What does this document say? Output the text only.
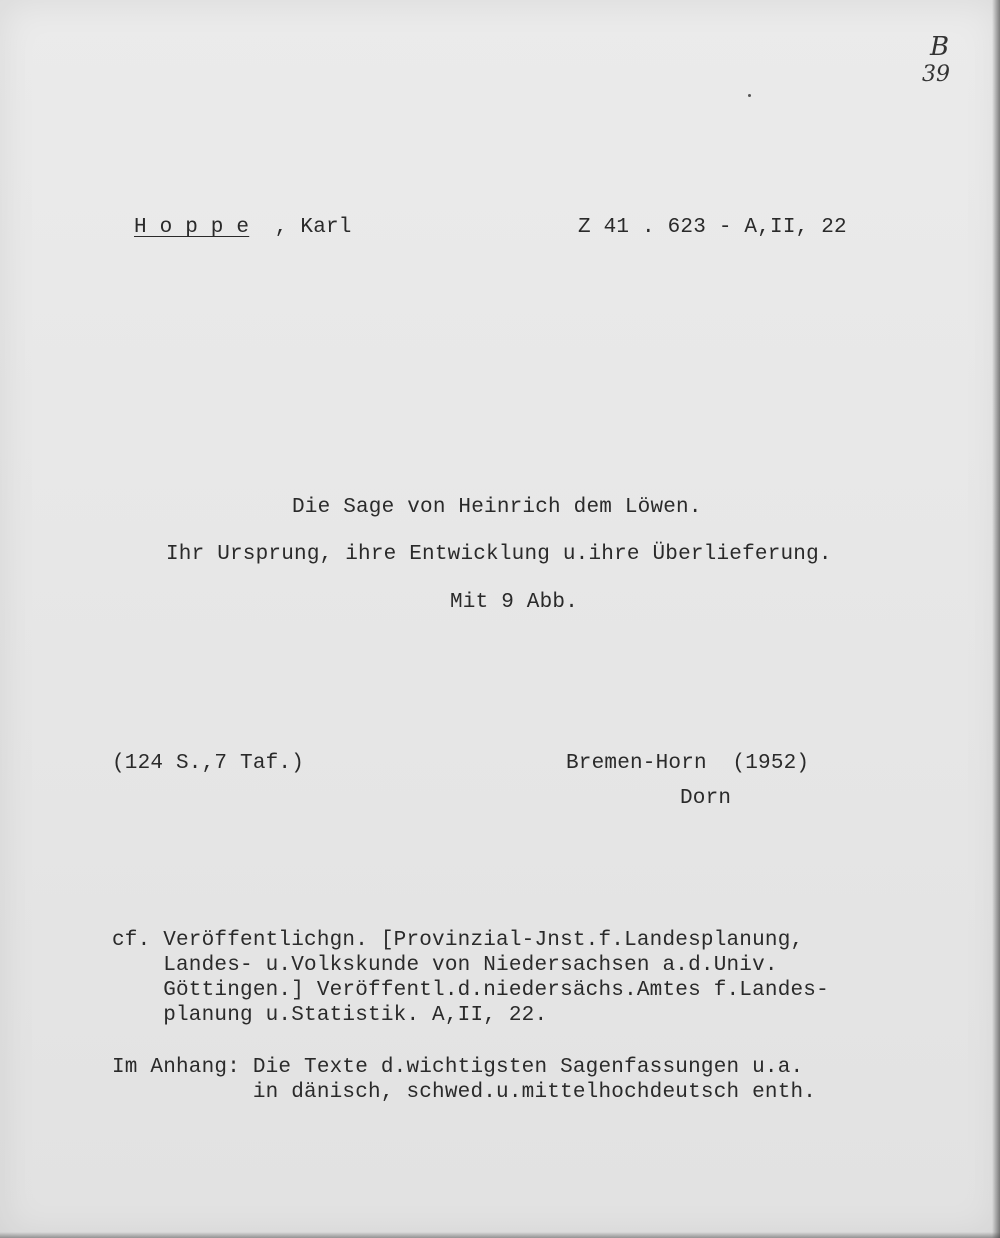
B
39
H o p p e , Karl	Z 41 . 623 - A,II, 22
Die Sage von Heinrich dem Löwen.
Ihr Ursprung, ihre Entwicklung u.ihre Überlieferung.
Mit 9 Abb.
(124 S.,7 Taf.)	Bremen-Horn  (1952)
Dorn
cf. Veröffentlichgn. [Provinzial-Jnst.f.Landesplanung,
Landes- u.Volkskunde von Niedersachsen a.d.Univ.
Göttingen.] Veröffentl.d.niedersächs.Amtes f.Landes-
planung u.Statistik. A,II, 22.
Im Anhang: Die Texte d.wichtigsten Sagenfassungen u.a.
in dänisch, schwed.u.mittelhochdeutsch enth.
